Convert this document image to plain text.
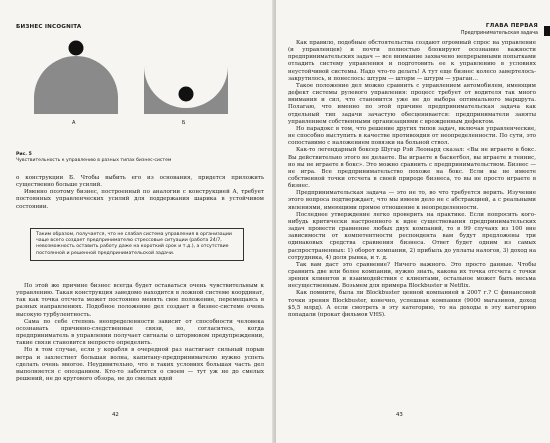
БИЗНЕС INCOGNITA
А	Б
Рис. 5
Чувствительность к управлению в разных типах бизнес-систем

о конструкции Б. Чтобы выбить его из основания, придется приложить существенно больше усилий.

Именно поэтому бизнес, построенный по аналогии с конструкцией А, требует постоянных управленческих усилий для поддержания шарика в устойчивом состоянии.

Таким образом, получается, что не слабая система управления в организации чаще всего создает предпринимателю стрессовые ситуации (работа 24/7, невозможность оставить работу даже на короткий срок и т.д.), а отсутствие постоянной и решенной предпринимательской задачи.

По этой же причине бизнес всегда будет оставаться очень чувствительным к управлению. Такая конструкция заведомо находится в ложной системе координат, так как точка отсчета может постоянно менять свое положение, перемещаясь в разных направлениях. Подобное положение дел создает в бизнес-системе очень высокую турбулентность.

Сама по себе степень неопределенности зависит от способности человека осознавать причинно-следственные связи, но, согласитесь, когда предприниматель в управлении получает сигналы о штормовом предупреждении, такие связи становится непросто определить.

Но в том случае, если у корабля в очередной раз настигает сильный порыв ветра и захлестнет большая волна, капитану-предпринимателю нужно успеть сделать очень многое. Неудивительно, что в таких условиях большая часть дел выполняется с опозданием. Кто-то заботится о своем — тут уж не до смелых решений, не до кругового обзора, не до смелых идей

42
ГЛАВА ПЕРВАЯ
Предпринимательская задача

Как правило, подобные обстоятельства создают огромный спрос на управление (и управленцев) и почти полностью блокируют осознание важности предпринимательских задач — все внимание захвачено непрерывными попытками отладить систему управления и подготовить ее к управлению в условиях неустойчивой системы. Надо что-то делать! А тут еще бизнес колесо завертелось-закрутилось, и понеслось: штурм — шторм — штурм — ураган…

Такое положение дел можно сравнить с управлением автомобилем, имеющим дефект системы рулевого управления: процесс требует от водителя так много внимания и сил, что становится уже не до выбора оптимального маршрута. Полагаю, что именно по этой причине предпринимательская задача как отдельный тип задачи зачастую обесценивается: предприниматели заняты управлением собственными организациями с врожденным дефектом.

Но парадокс в том, что решение других типов задач, включая управленческие, не способно выступить в качестве противоядия от неопределенности. По сути, это сопоставимо с наложением повязки на больной ствол.

Как-то легендарный боксер Шугар Рэй Леонард сказал: «Вы не играете в бокс. Вы действительно этого не делаете. Вы играете в баскетбол, вы играете в теннис, но вы не играете в бокс». Это можно сравнить с предпринимательством. Бизнес — не игра. Все предпринимательство похоже на бокс. Если вы не имеете собственной точки отсчета в своей природе бизнеса, то вы не просто играете в бизнес.

Предпринимательская задача — это не то, во что требуется верить. Изучение этого вопроса подтверждает, что мы имеем дело не с абстракцией, а с реальными явлениями, имеющими прямое отношение к неопределенности.

Последнее утверждение легко проверить на практике. Если попросить кого-нибудь критически настроенного к идее существования предпринимательских задач провести сравнение любых двух компаний, то в 99 случаях из 100 вне зависимости от компетентности респондента вам будут предложены три одинаковых средства сравнения бизнеса. Ответ будет одним из самых распространенных: 1) оборот компании, 2) прибыль до уплаты налогов, 3) доход на сотрудника, 4) доля рынка, и т. д.

Так вам даст это сравнение? Ничего важного. Это просто данные. Чтобы сравнить две или более компании, нужно знать, какова их точка отсчета с точки зрения клиентов и взаимодействия с клиентами, остальное может быть весьма несущественным. Возьмем для примера Blockbuster и Netflix.

Как помните, была ли Blockbuster ценной компанией в 2007 г.? С финансовой точки зрения Blockbuster, конечно, успешная компания (9000 магазинов, доход $5,5 млрд). А если смотреть в эту категорию, то на доходы в эту категорию попадали (прокат фильмов VHS).

43
